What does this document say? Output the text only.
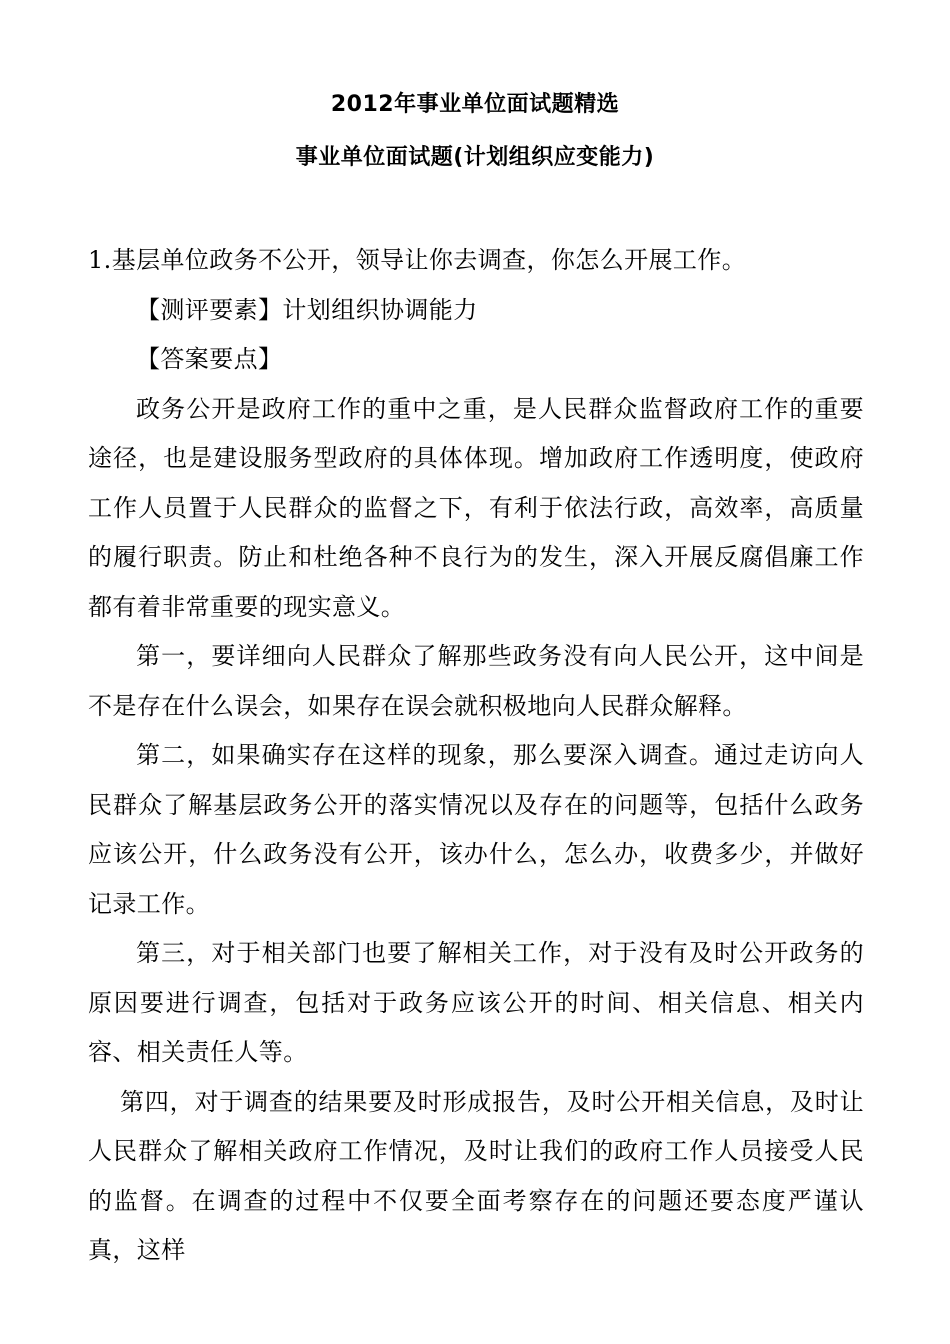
2012年事业单位面试题精选
事业单位面试题(计划组织应变能力)

1.基层单位政务不公开，领导让你去调查，你怎么开展工作。

【测评要素】计划组织协调能力

【答案要点】

政务公开是政府工作的重中之重，是人民群众监督政府工作的重要途径，也是建设服务型政府的具体体现。增加政府工作透明度，使政府工作人员置于人民群众的监督之下，有利于依法行政，高效率，高质量的履行职责。防止和杜绝各种不良行为的发生，深入开展反腐倡廉工作都有着非常重要的现实意义。

第一，要详细向人民群众了解那些政务没有向人民公开，这中间是不是存在什么误会，如果存在误会就积极地向人民群众解释。

第二，如果确实存在这样的现象，那么要深入调查。通过走访向人民群众了解基层政务公开的落实情况以及存在的问题等，包括什么政务应该公开，什么政务没有公开，该办什么，怎么办，收费多少，并做好记录工作。

第三，对于相关部门也要了解相关工作，对于没有及时公开政务的原因要进行调查，包括对于政务应该公开的时间、相关信息、相关内容、相关责任人等。

第四，对于调查的结果要及时形成报告，及时公开相关信息，及时让人民群众了解相关政府工作情况，及时让我们的政府工作人员接受人民的监督。在调查的过程中不仅要全面考察存在的问题还要态度严谨认真，这样
